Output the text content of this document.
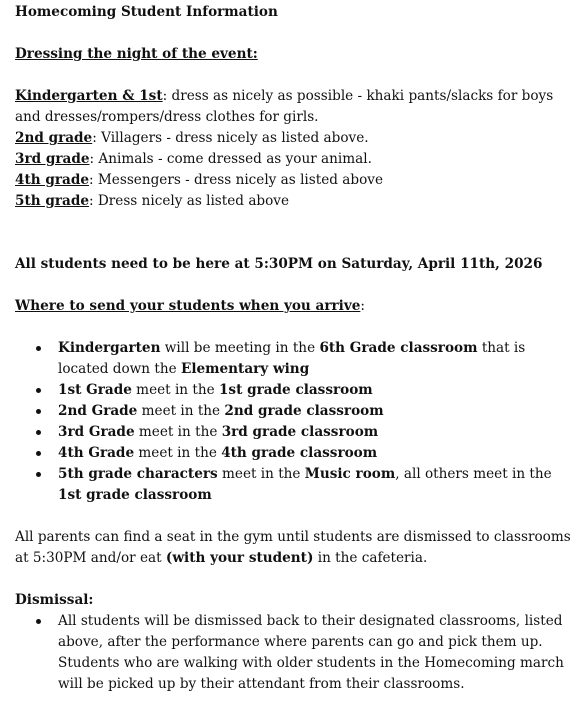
Homecoming Student Information

Dressing the night of the event:

Kindergarten & 1st: dress as nicely as possible - khaki pants/slacks for boys and dresses/rompers/dress clothes for girls.

2nd grade: Villagers - dress nicely as listed above.

3rd grade: Animals - come dressed as your animal.

4th grade: Messengers - dress nicely as listed above

5th grade: Dress nicely as listed above

All students need to be here at 5:30PM on Saturday, April 11th, 2026

Where to send your students when you arrive:

Kindergarten will be meeting in the 6th Grade classroom that is located down the Elementary wing
1st Grade meet in the 1st grade classroom
2nd Grade meet in the 2nd grade classroom
3rd Grade meet in the 3rd grade classroom
4th Grade meet in the 4th grade classroom
5th grade characters meet in the Music room, all others meet in the 1st grade classroom

All parents can find a seat in the gym until students are dismissed to classrooms at 5:30PM and/or eat (with your student) in the cafeteria.

Dismissal:

All students will be dismissed back to their designated classrooms, listed above, after the performance where parents can go and pick them up. Students who are walking with older students in the Homecoming march will be picked up by their attendant from their classrooms.
